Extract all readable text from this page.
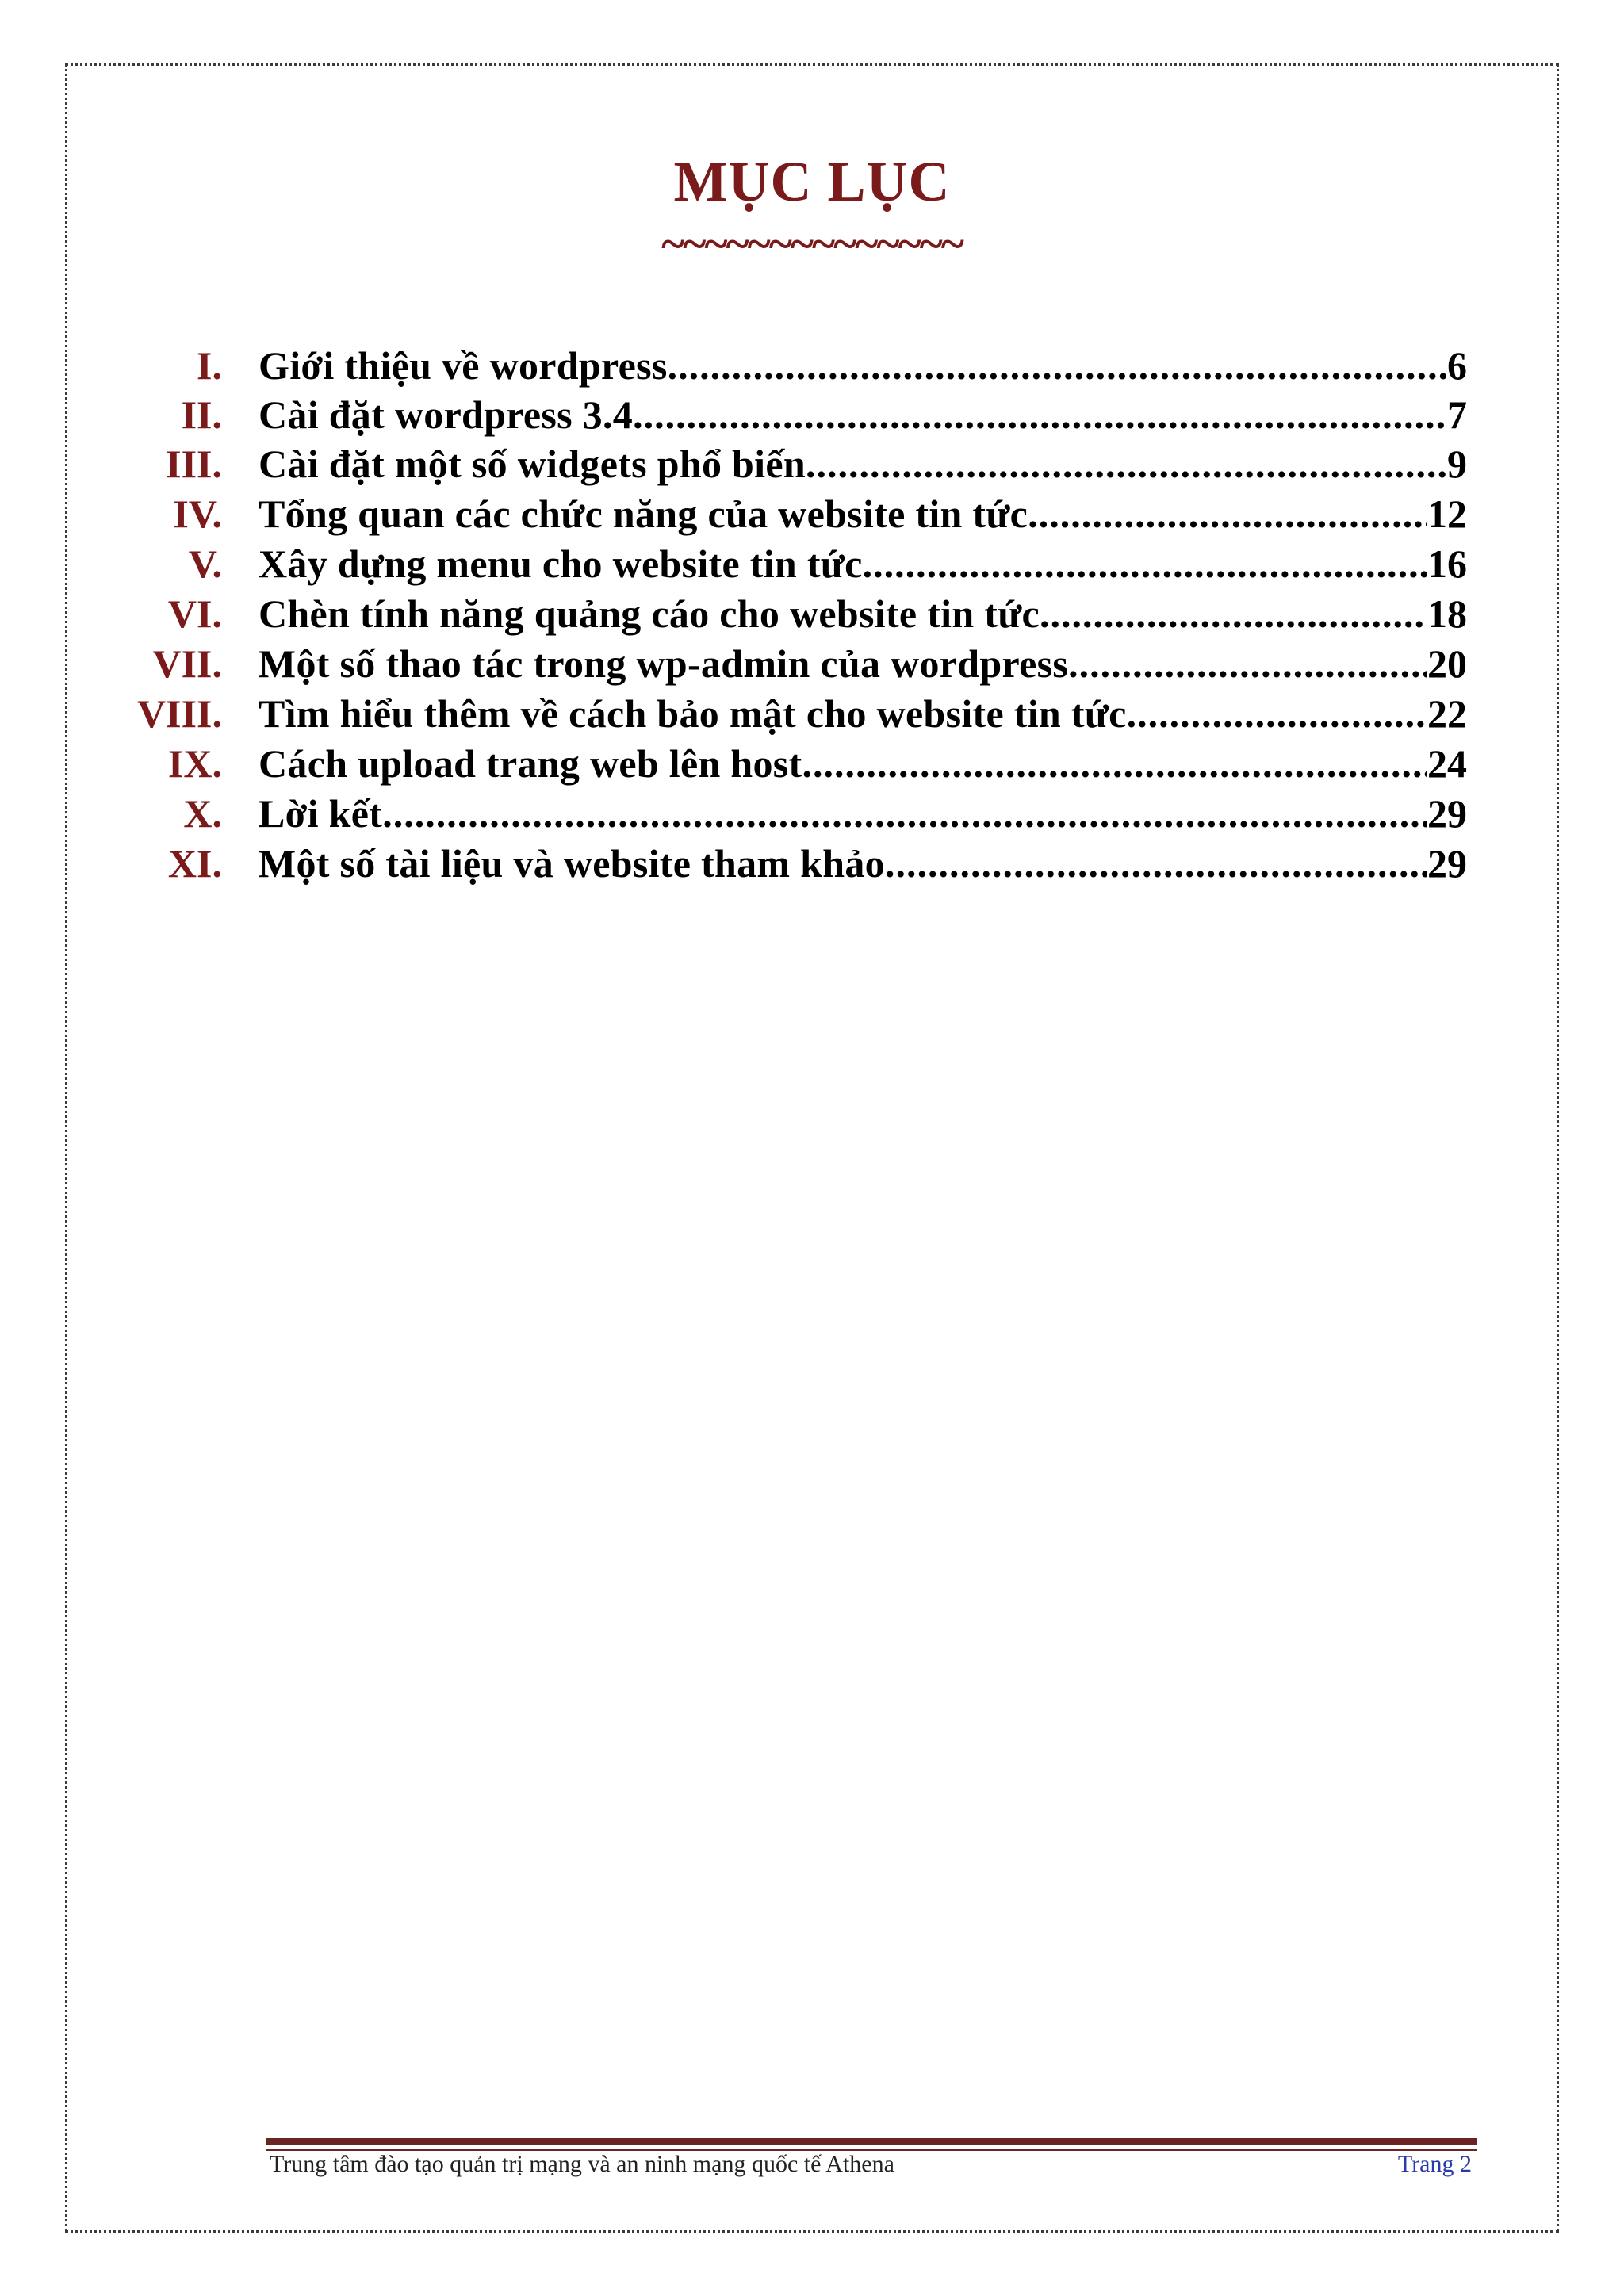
MỤC LỤC
~~~~~~~~~~~~~~
I. Giới thiệu về wordpress .....	6
II. Cài đặt wordpress 3.4 .....	7
III. Cài đặt một số widgets phổ biến .....	9
IV. Tổng quan các chức năng của website tin tức .....	12
V. Xây dựng menu cho website tin tức .....	16
VI. Chèn tính năng quảng cáo cho website tin tức .....	18
VII. Một số thao tác trong wp-admin của wordpress .....	20
VIII. Tìm hiểu thêm về cách bảo mật cho website tin tức .....	22
IX. Cách upload trang web lên host .....	24
X. Lời kết .....	29
XI. Một số tài liệu và website tham khảo .....	29
Trung tâm đào tạo quản trị mạng và an ninh mạng quốc tế Athena	Trang 2
